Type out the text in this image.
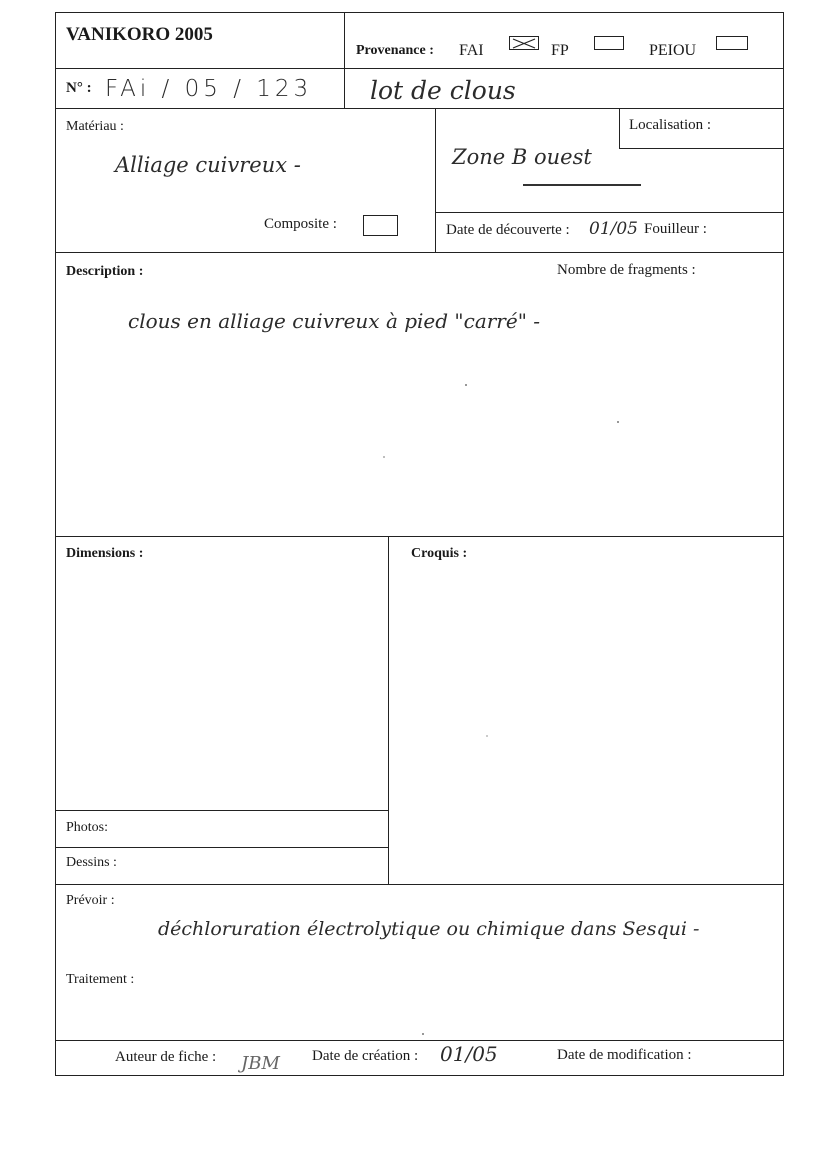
VANIKORO 2005
Provenance : FAI	FP	PEIOU
N° : FAi / 05 / 123 lot de clous
Matériau :
Alliage cuivreux -
Composite :
Localisation :
Zone B ouest
Date de découverte : 01/05 Fouilleur :
Description :	Nombre de fragments :
clous en alliage cuivreux à pied "carré" -
Dimensions :	Croquis :
Photos:
Dessins :
Prévoir :
déchloruration électrolytique ou chimique dans Sesqui -
Traitement :
Auteur de fiche : JBM Date de création : 01/05	Date de modification :
